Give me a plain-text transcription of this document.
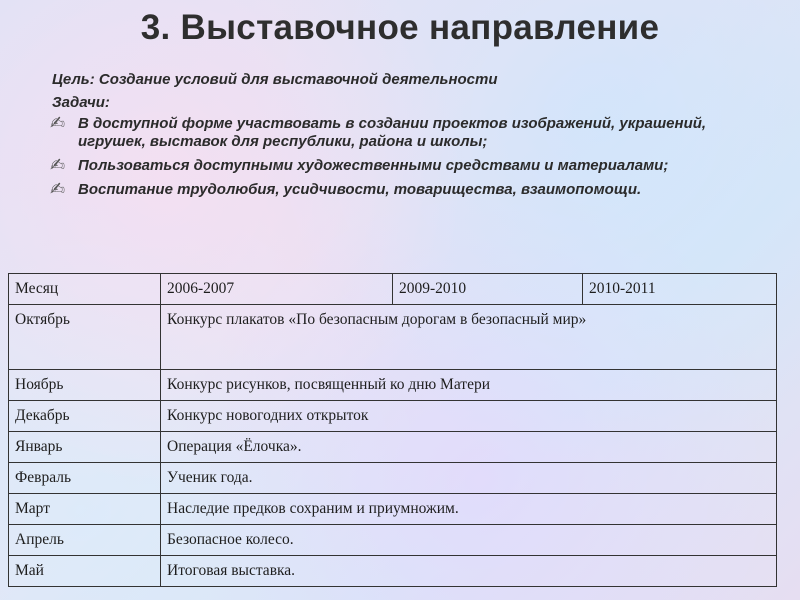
3. Выставочное направление
Цель: Создание условий для выставочной деятельности
Задачи:
✍ В доступной форме участвовать в создании проектов изображений, украшений, игрушек, выставок для республики, района и школы;
✍ Пользоваться доступными художественными средствами и материалами;
✍ Воспитание трудолюбия, усидчивости, товарищества, взаимопомощи.
Месяц	2006-2007	2009-2010	2010-2011
Октябрь	Конкурс плакатов «По безопасным дорогам в безопасный мир»		
Ноябрь	Конкурс рисунков, посвященный ко дню Матери		
Декабрь	Конкурс новогодних открыток		
Январь	Операция «Ёлочка».		
Февраль	Ученик года.		
Март	Наследие предков сохраним и приумножим.		
Апрель	Безопасное колесо.		
Май	Итоговая выставка.		
